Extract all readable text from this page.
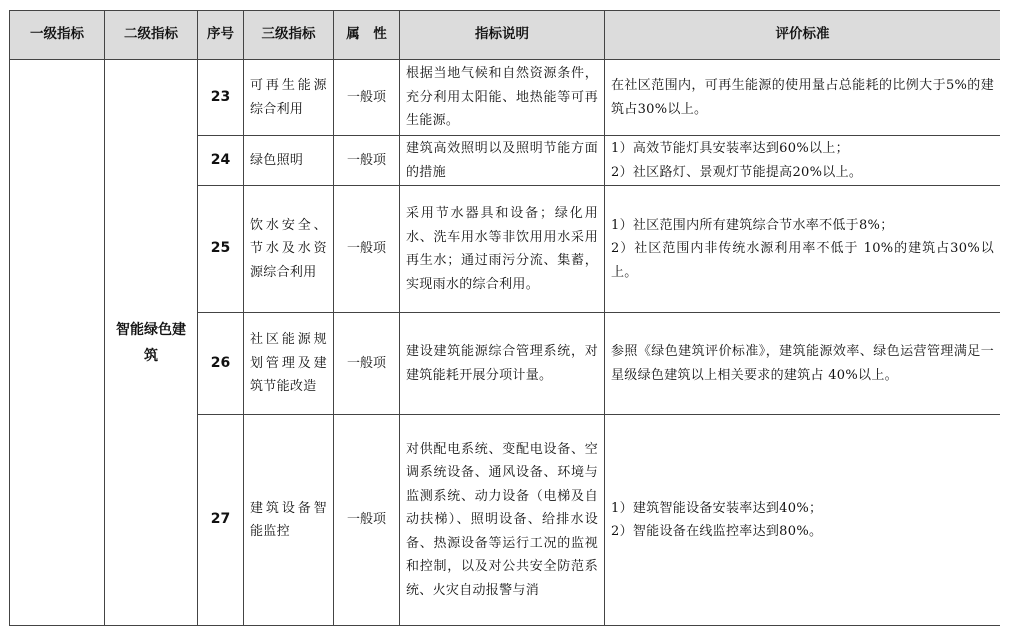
一级指标	二级指标	序号	三级指标	属　性	指标说明	评价标准
	智能绿色建筑	23	可再生能源综合利用	一般项	根据当地气候和自然资源条件，充分利用太阳能、地热能等可再生能源。	在社区范围内，可再生能源的使用量占总能耗的比例大于5%的建筑占30%以上。
		24	绿色照明	一般项	建筑高效照明以及照明节能方面的措施	1）高效节能灯具安装率达到60%以上；
2）社区路灯、景观灯节能提高20%以上。
		25	饮水安全、节水及水资源综合利用	一般项	采用节水器具和设备；绿化用水、洗车用水等非饮用用水采用再生水；通过雨污分流、集蓄，实现雨水的综合利用。	1）社区范围内所有建筑综合节水率不低于8%；
2）社区范围内非传统水源利用率不低于 10%的建筑占30%以上。
		26	社区能源规划管理及建筑节能改造	一般项	建设建筑能源综合管理系统，对建筑能耗开展分项计量。	参照《绿色建筑评价标准》，建筑能源效率、绿色运营管理满足一星级绿色建筑以上相关要求的建筑占 40%以上。
		27	建筑设备智能监控	一般项	对供配电系统、变配电设备、空调系统设备、通风设备、环境与监测系统、动力设备（电梯及自动扶梯）、照明设备、给排水设备、热源设备等运行工况的监视和控制，以及对公共安全防范系统、火灾自动报警与消	1）建筑智能设备安装率达到40%；
2）智能设备在线监控率达到80%。
